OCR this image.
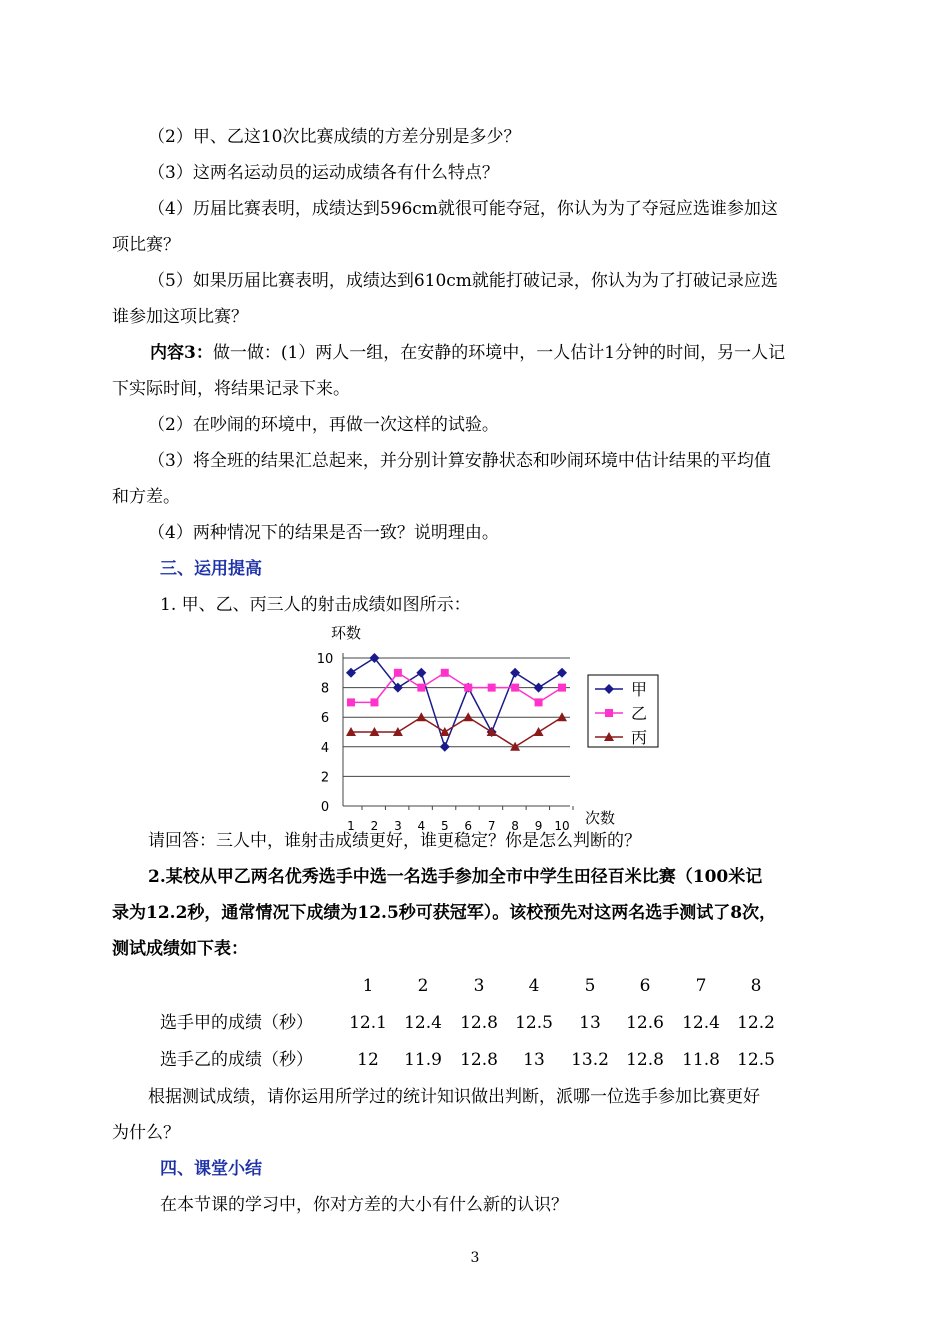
（2）甲、乙这10次比赛成绩的方差分别是多少？
（3）这两名运动员的运动成绩各有什么特点？
（4）历届比赛表明，成绩达到596cm就很可能夺冠，你认为为了夺冠应选谁参加这
项比赛？
（5）如果历届比赛表明，成绩达到610cm就能打破记录，你认为为了打破记录应选
谁参加这项比赛？
内容3：做一做：(1）两人一组，在安静的环境中，一人估计1分钟的时间，另一人记
下实际时间，将结果记录下来。
（2）在吵闹的环境中，再做一次这样的试验。
（3）将全班的结果汇总起来，并分别计算安静状态和吵闹环境中估计结果的平均值
和方差。
（4）两种情况下的结果是否一致？说明理由。
三、运用提高
1. 甲、乙、丙三人的射击成绩如图所示：
0
2
4
6
8
10
1 2 3 4 5 6 7 8 9 10
环数
次数
甲
乙
丙
请回答：三人中，谁射击成绩更好，谁更稳定？你是怎么判断的？
2.某校从甲乙两名优秀选手中选一名选手参加全市中学生田径百米比赛（100米记
录为12.2秒，通常情况下成绩为12.5秒可获冠军）。该校预先对这两名选手测试了8次，
测试成绩如下表：
1	2	3	4	5	6	7	8
选手甲的成绩（秒）	12.1	12.4	12.8	12.5	13	12.6	12.4	12.2
选手乙的成绩（秒）	12	11.9	12.8	13	13.2	12.8	11.8	12.5
根据测试成绩，请你运用所学过的统计知识做出判断，派哪一位选手参加比赛更好
为什么？
四、课堂小结
在本节课的学习中，你对方差的大小有什么新的认识？
3
